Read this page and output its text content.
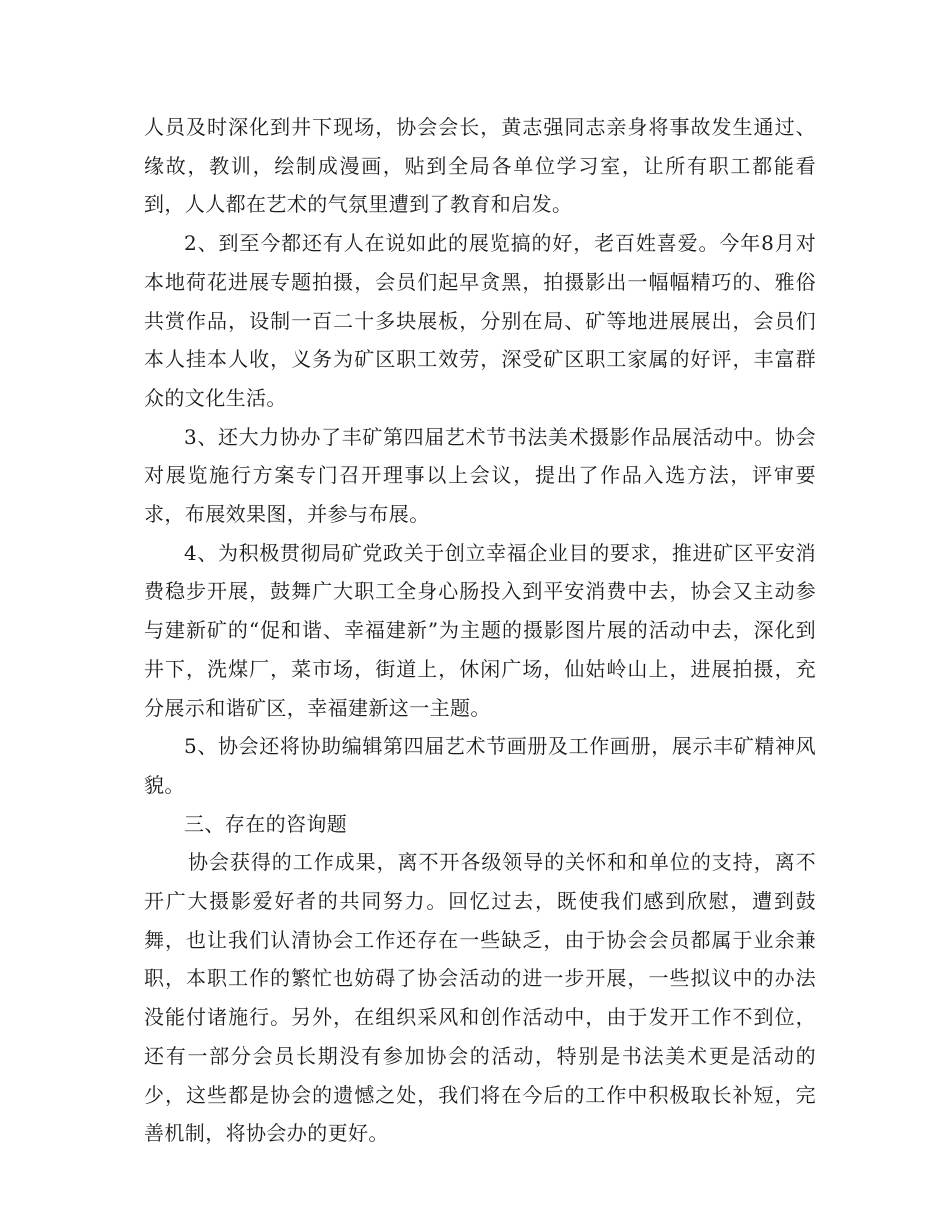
人员及时深化到井下现场，协会会长，黄志强同志亲身将事故发生通过、缘故，教训，绘制成漫画，贴到全局各单位学习室，让所有职工都能看到，人人都在艺术的气氛里遭到了教育和启发。

2、到至今都还有人在说如此的展览搞的好，老百姓喜爱。今年8月对本地荷花进展专题拍摄，会员们起早贪黑，拍摄影出一幅幅精巧的、雅俗共赏作品，设制一百二十多块展板，分别在局、矿等地进展展出，会员们本人挂本人收，义务为矿区职工效劳，深受矿区职工家属的好评，丰富群众的文化生活。

3、还大力协办了丰矿第四届艺术节书法美术摄影作品展活动中。协会对展览施行方案专门召开理事以上会议，提出了作品入选方法，评审要求，布展效果图，并参与布展。

4、为积极贯彻局矿党政关于创立幸福企业目的要求，推进矿区平安消费稳步开展，鼓舞广大职工全身心肠投入到平安消费中去，协会又主动参与建新矿的“促和谐、幸福建新”为主题的摄影图片展的活动中去，深化到井下，洗煤厂，菜市场，街道上，休闲广场，仙姑岭山上，进展拍摄，充分展示和谐矿区，幸福建新这一主题。

5、协会还将协助编辑第四届艺术节画册及工作画册，展示丰矿精神风貌。

三、存在的咨询题

协会获得的工作成果，离不开各级领导的关怀和和单位的支持，离不开广大摄影爱好者的共同努力。回忆过去，既使我们感到欣慰，遭到鼓舞，也让我们认清协会工作还存在一些缺乏，由于协会会员都属于业余兼职，本职工作的繁忙也妨碍了协会活动的进一步开展，一些拟议中的办法没能付诸施行。另外，在组织采风和创作活动中，由于发开工作不到位，还有一部分会员长期没有参加协会的活动，特别是书法美术更是活动的少，这些都是协会的遗憾之处，我们将在今后的工作中积极取长补短，完善机制，将协会办的更好。
